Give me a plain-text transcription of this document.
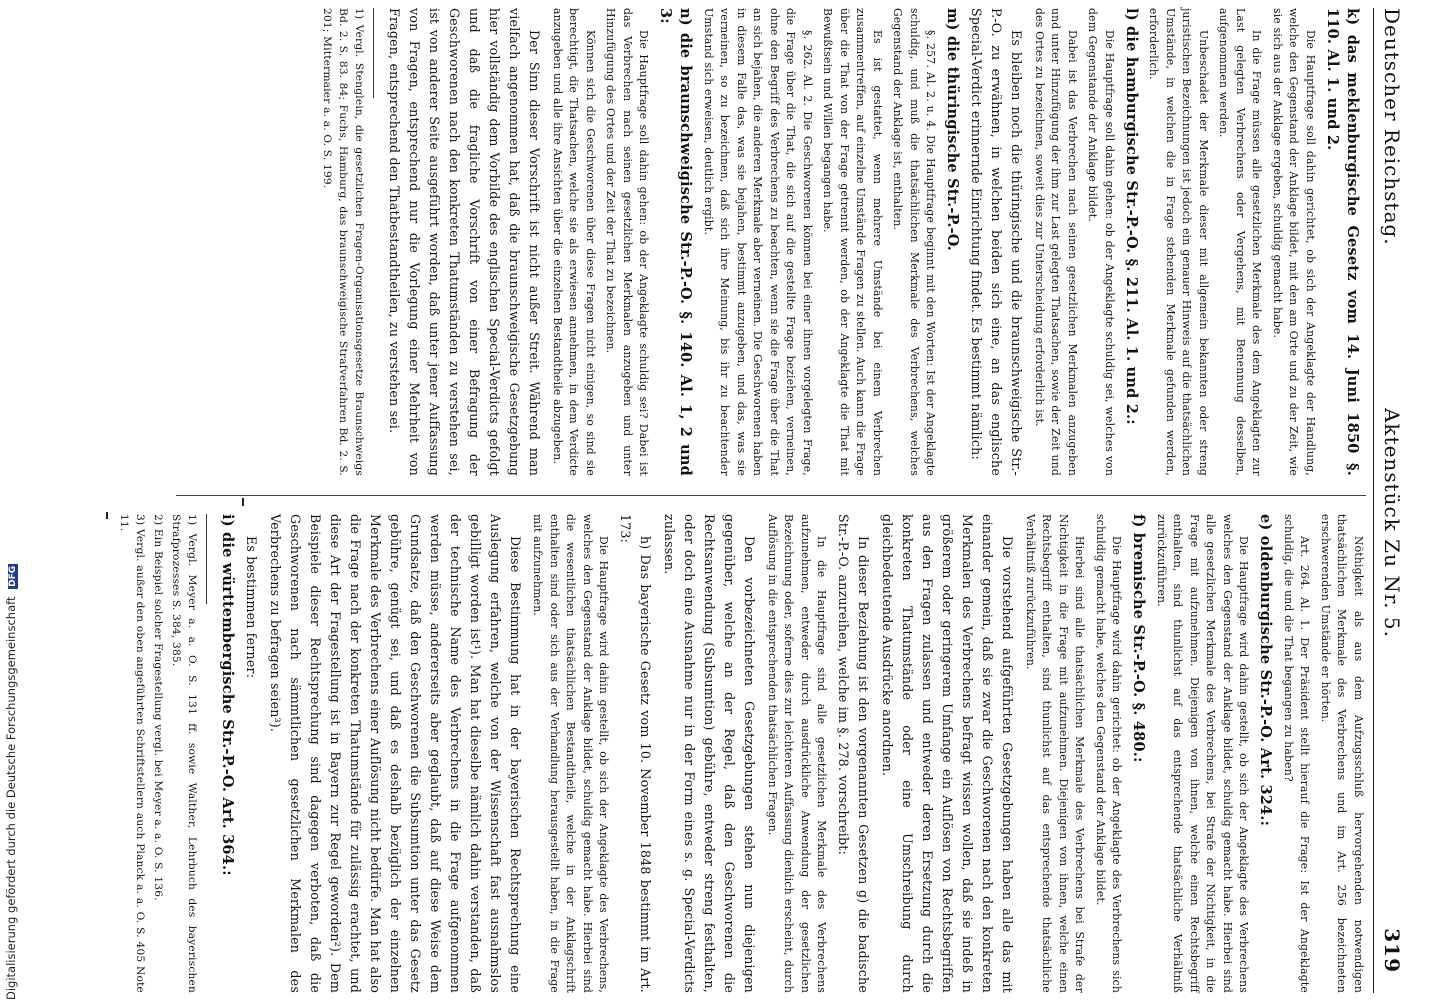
Deutscher Reichstag.
Aktenstück Zu Nr. 5.
319

k) das meklenburgische Gesetz vom 14. Juni 1850 §. 110. Al. 1. und 2.

Die Hauptfrage soll dahin gerichtet, ob sich der Angeklagte der Handlung, welche den Gegenstand der Anklage bildet, mit den am Orte und zu der Zeit, wie sie sich aus der Anklage ergeben, schuldig gemacht habe.

In die Frage müssen alle gesetzlichen Merkmale des dem Angeklagten zur Last gelegten Verbrechens oder Vergehens, mit Benennung desselben, aufgenommen werden.

Unbeschadet der Merkmale dieser mit allgemein bekannten oder streng juristischen Bezeichnungen ist jedoch ein genauer Hinweis auf die thatsächlichen Umstände, in welchen die in Frage stehenden Merkmale gefunden werden, erforderlich.

l) die hamburgische Str.-P.-O. §. 211. Al. 1. und 2.:

Die Hauptfrage soll dahin gehen: ob der Angeklagte schuldig sei, welches von dem Gegenstande der Anklage bildet.

Dabei ist das Verbrechen nach seinen gesetzlichen Merkmalen anzugeben und unter Hinzufügung der ihm zur Last gelegten Thatsachen, sowie der Zeit und des Ortes zu bezeichnen, soweit dies zur Unterscheidung erforderlich ist.

Es bleiben noch die thüringische und die braunschweigische Str.-P.-O. zu erwähnen, in welchen beiden sich eine, an das englische Special-Verdict erinnernde Einrichtung findet. Es bestimmt nämlich:

m) die thüringische Str.-P.-O.

§. 257. Al. 2. u. 4. Die Hauptfrage beginnt mit den Worten: Ist der Angeklagte schuldig, und muß die thatsächlichen Merkmale des Verbrechens, welches Gegenstand der Anklage ist, enthalten.

Es ist gestattet, wenn mehrere Umstände bei einem Verbrechen zusammentreffen, auf einzelne Umstände Fragen zu stellen. Auch kann die Frage über die That von der Frage getrennt werden, ob der Angeklagte die That mit Bewußtsein und Willen begangen habe.

§. 262. Al. 2. Die Geschworenen können bei einer ihnen vorgelegten Frage, die Frage über die That, die sich auf die gestellte Frage beziehen, verneinen, ohne den Begriff des Verbrechens zu beachten, wenn sie die Frage über die That an sich bejahen, die anderen Merkmale aber verneinen. Die Geschworenen haben in diesem Falle das, was sie bejahen, bestimmt anzugeben, und das, was sie verneinen, so zu bezeichnen, daß sich ihre Meinung, bis ihr zu beachtender Umstand sich erweisen, deutlich ergibt.

n) die braunschweigische Str.-P.-O. §. 140. Al. 1, 2 und 3:

Die Hauptfrage soll dahin gehen: ob der Angeklagte schuldig sei? Dabei ist das Verbrechen nach seinen gesetzlichen Merkmalen anzugeben und unter Hinzufügung des Ortes und der Zeit der That zu bezeichnen.

Können sich die Geschworenen über diese Fragen nicht einigen, so sind sie berechtigt, die Thatsachen, welche sie als erwiesen annehmen, in dem Verdicte anzugeben und alle ihre Ansichten über die einzelnen Bestandtheile abzugeben.

Der Sinn dieser Vorschrift ist nicht außer Streit. Während man vielfach angenommen hat, daß die braunschweigische Gesetzgebung hier vollständig dem Vorbilde des englischen Special-Verdicts gefolgt und daß die fragliche Vorschrift von einer Befragung der Geschworenen nach den konkreten Thatumständen zu verstehen sei, ist von anderer Seite ausgeführt worden, daß unter jener Auffassung von Fragen, entsprechend nur die Vorlegung einer Mehrheit von Fragen, entsprechend den Thatbestandtheilen, zu verstehen sei.

1) Vergl. Stenglein, die gesetzlichen Fragen-Organisationsgesetze Braunschweigs Bd. 2. S. 83. 84; Fuchs, Hamburg, das braunschweigische Strafverfahren Bd. 2. S. 201; Mittermaier a. a. O. S. 199.

Nöthigkeit als aus dem Aufzugsschluß hervorgehenden notwendigen thatsächlichen Merkmale des Verbrechens und im Art. 256 bezeichneten erschwerenden Umstände er hörten.

Art. 264. Al. 1. Der Präsident stellt hierauf die Frage: Ist der Angeklagte schuldig, die und die That begangen zu haben?

e) oldenburgische Str.-P.-O. Art. 324.:

Die Hauptfrage wird dahin gestellt, ob sich der Angeklagte des Verbrechens welches den Gegenstand der Anklage bildet, schuldig gemacht habe. Hierbei sind alle gesetzlichen Merkmale des Verbrechens, bei Strafe der Nichtigkeit, in die Frage mit aufzunehmen. Diejenigen von ihnen, welche einen Rechtsbegriff enthalten, sind thunlichst auf das entsprechende thatsächliche Verhältniß zurückzuführen.

f) bremische Str.-P.-O. §. 480.:

Die Hauptfrage wird dahin gerichtet: ob der Angeklagte des Verbrechens sich schuldig gemacht habe, welches den Gegenstand der Anklage bildet.

Hierbei sind alle thatsächlichen Merkmale des Verbrechens bei Strafe der Nichtigkeit in die Frage mit aufzunehmen. Diejenigen von ihnen, welche einen Rechtsbegriff enthalten, sind thunlichst auf das entsprechende thatsächliche Verhältniß zurückzuführen.

Die vorstehend aufgeführten Gesetzgebungen haben alle das mit einander gemein, daß sie zwar die Geschworenen nach den konkreten Merkmalen des Verbrechens befragt wissen wollen, daß sie indeß in größerem oder geringerem Umfange ein Auflösen von Rechtsbegriffen aus den Fragen zulassen und entweder deren Ersetzung durch die konkreten Thatumstände oder eine Umschreibung durch gleichbedeutende Ausdrücke anordnen.

In dieser Beziehung ist den vorgenannten Gesetzen g) die badische Str.-P.-O. anzureihen, welche im §. 278. vorschreibt:

In die Hauptfrage sind alle gesetzlichen Merkmale des Verbrechens aufzunehmen, entweder durch ausdrückliche Anwendung der gesetzlichen Bezeichnung oder, soferne dies zur leichteren Auffassung dienlich erscheint, durch Auflösung in die entsprechenden thatsächlichen Fragen.

Den vorbezeichneten Gesetzgebungen stehen nun diejenigen gegenüber, welche an der Regel, daß den Geschworenen die Rechtsanwendung (Subsumtion) gebühre, entweder streng festhalten, oder doch eine Ausnahme nur in der Form eines s. g. Special-Verdicts zulassen.

h) Das bayerische Gesetz vom 10. November 1848 bestimmt im Art. 173:

Die Hauptfrage wird dahin gestellt, ob sich der Angeklagte des Verbrechens, welches den Gegenstand der Anklage bildet, schuldig gemacht habe. Hierbei sind die wesentlichen thatsächlichen Bestandtheile, welche in der Anklagschrift enthalten sind oder sich aus der Verhandlung herausgestellt haben, in die Frage mit aufzunehmen.

Diese Bestimmung hat in der bayerischen Rechtsprechung eine Auslegung erfahren, welche von der Wissenschaft fast ausnahmslos gebilligt worden ist¹). Man hat dieselbe nämlich dahin verstanden, daß der technische Name des Verbrechens in die Frage aufgenommen werden müsse, andererseits aber geglaubt, daß auf diese Weise dem Grundsatze, daß den Geschworenen die Subsumtion unter das Gesetz gebühre, genügt sei, und daß es deshalb bezüglich der einzelnen Merkmale des Verbrechens einer Auflösung nicht bedürfe. Man hat also die Frage nach der konkreten Thatumstände für zulässig erachtet, und diese Art der Fragestellung ist in Bayern zur Regel geworden²). Dem Beispiele dieser Rechtsprechung sind dagegen verboten, daß die Geschworenen nach sämmtlichen gesetzlichen Merkmalen des Verbrechens zu befragen seien³).

Es bestimmen ferner:

i) die württembergische Str.-P.-O. Art. 364.:

1) Vergl. Meyer a. a. O. S. 131 ff. sowie Walther, Lehrbuch des bayerischen Strafprozesses S. 384, 385.

2) Ein Beispiel solcher Fragestellung vergl. bei Meyer a. a. O. S. 136.

3) Vergl. außer den oben angeführten Schriftstellern auch Planck a. a. O. S. 405 Note 11.

Digitalisierung gefördert durch die Deutsche Forschungsgemeinschaft DFG
